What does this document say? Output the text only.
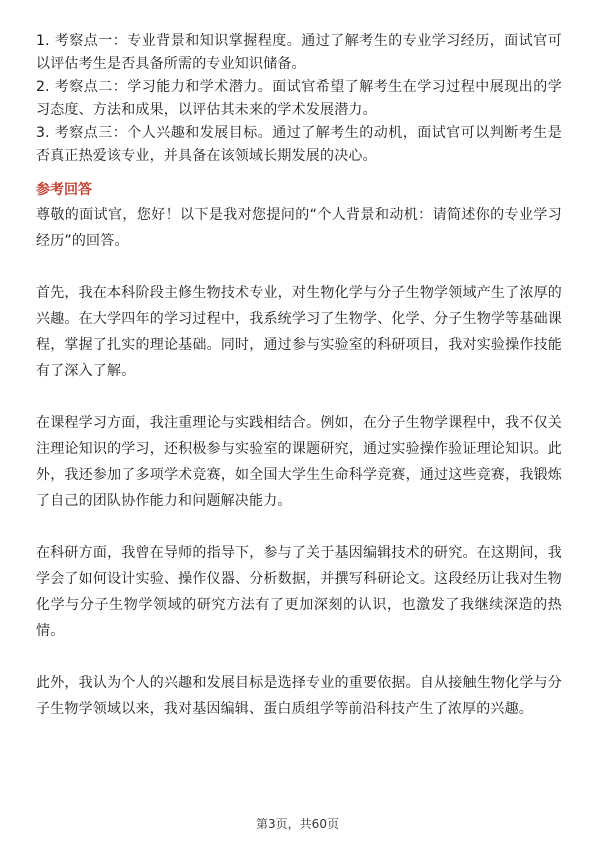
1. 考察点一：专业背景和知识掌握程度。通过了解考生的专业学习经历，面试官可以评估考生是否具备所需的专业知识储备。

2. 考察点二：学习能力和学术潜力。面试官希望了解考生在学习过程中展现出的学习态度、方法和成果，以评估其未来的学术发展潜力。

3. 考察点三：个人兴趣和发展目标。通过了解考生的动机，面试官可以判断考生是否真正热爱该专业，并具备在该领域长期发展的决心。

参考回答

尊敬的面试官，您好！以下是我对您提问的“个人背景和动机：请简述你的专业学习经历”的回答。

首先，我在本科阶段主修生物技术专业，对生物化学与分子生物学领域产生了浓厚的兴趣。在大学四年的学习过程中，我系统学习了生物学、化学、分子生物学等基础课程，掌握了扎实的理论基础。同时，通过参与实验室的科研项目，我对实验操作技能有了深入了解。

在课程学习方面，我注重理论与实践相结合。例如，在分子生物学课程中，我不仅关注理论知识的学习，还积极参与实验室的课题研究，通过实验操作验证理论知识。此外，我还参加了多项学术竞赛，如全国大学生生命科学竞赛，通过这些竞赛，我锻炼了自己的团队协作能力和问题解决能力。

在科研方面，我曾在导师的指导下，参与了关于基因编辑技术的研究。在这期间，我学会了如何设计实验、操作仪器、分析数据，并撰写科研论文。这段经历让我对生物化学与分子生物学领域的研究方法有了更加深刻的认识，也激发了我继续深造的热情。

此外，我认为个人的兴趣和发展目标是选择专业的重要依据。自从接触生物化学与分子生物学领域以来，我对基因编辑、蛋白质组学等前沿科技产生了浓厚的兴趣。

第3页，共60页
